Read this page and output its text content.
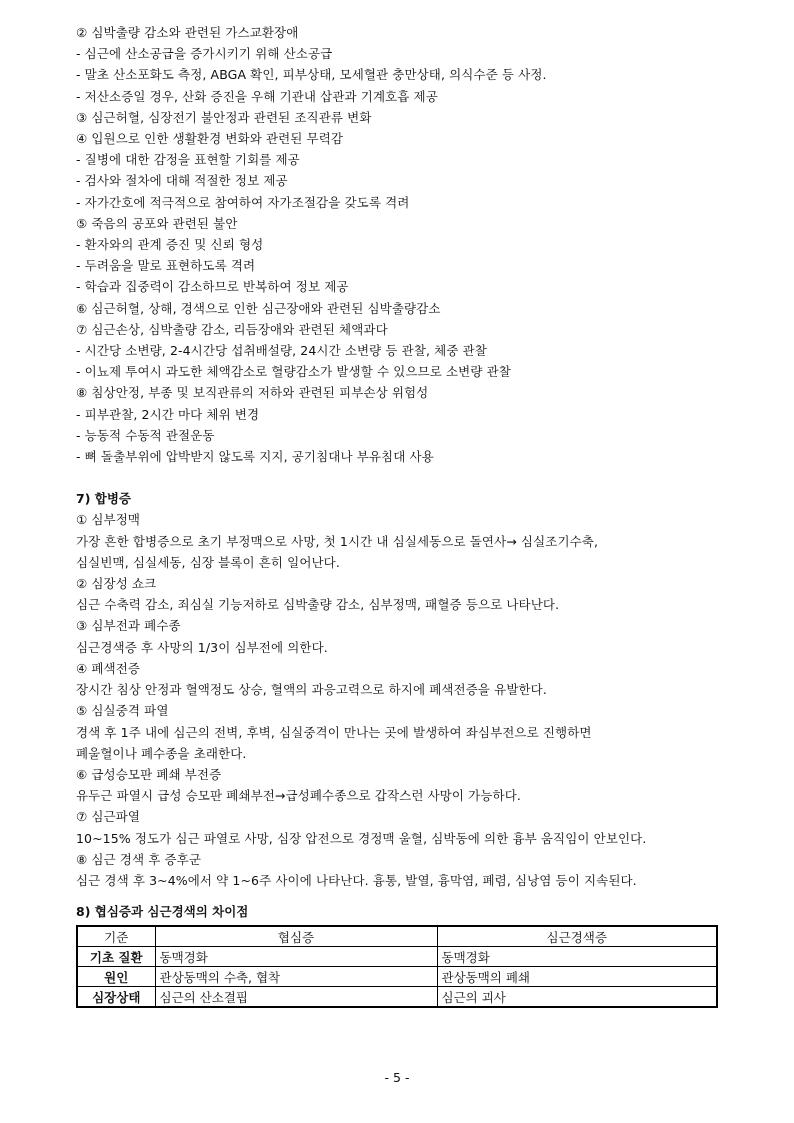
② 심박출량 감소와 관련된 가스교환장애
- 심근에 산소공급을 증가시키기 위해 산소공급
- 말초 산소포화도 측정, ABGA 확인, 피부상태, 모세혈관 충만상태, 의식수준 등 사정.
- 저산소증일 경우, 산화 증진을 우해 기관내 삽관과 기계호흡 제공
③ 심근허혈, 심장전기 불안정과 관련된 조직관류 변화
④ 입원으로 인한 생활환경 변화와 관련된 무력감
- 질병에 대한 감정을 표현할 기회를 제공
- 검사와 절차에 대해 적절한 정보 제공
- 자가간호에 적극적으로 참여하여 자가조절감을 갖도록 격려
⑤ 죽음의 공포와 관련된 불안
- 환자와의 관계 증진 및 신뢰 형성
- 두려움을 말로 표현하도록 격려
- 학습과 집중력이 감소하므로 반복하여 정보 제공
⑥ 심근허혈, 상해, 경색으로 인한 심근장애와 관련된 심박출량감소
⑦ 심근손상, 심박출량 감소, 리듬장애와 관련된 체액과다
- 시간당 소변량, 2-4시간당 섭취배설량, 24시간 소변량 등 관찰, 체중 관찰
- 이뇨제 투여시 과도한 체액감소로 혈량감소가 발생할 수 있으므로 소변량 관찰
⑧ 침상안정, 부종 및 보직관류의 저하와 관련된 피부손상 위험성
- 피부관찰, 2시간 마다 체위 변경
- 능동적 수동적 관절운동
- 뼈 돌출부위에 압박받지 않도록 지지, 공기침대나 부유침대 사용
7) 합병증
① 심부정맥
가장 흔한 합병증으로 초기 부정맥으로 사망, 첫 1시간 내 심실세동으로 돌연사→ 심실조기수축,
심실빈맥, 심실세동, 심장 블록이 흔히 일어난다.
② 심장성 쇼크
심근 수축력 감소, 죄심실 기능저하로 심박출량 감소, 심부정맥, 패혈증 등으로 나타난다.
③ 심부전과 폐수종
심근경색증 후 사망의 1/3이 심부전에 의한다.
④ 폐색전증
장시간 침상 안정과 혈액정도 상승, 혈액의 과응고력으로 하지에 폐색전증을 유발한다.
⑤ 심실중격 파열
경색 후 1주 내에 심근의 전벽, 후벽, 심실중격이 만나는 곳에 발생하여 좌심부전으로 진행하면
폐울혈이나 폐수종을 초래한다.
⑥ 급성승모판 폐쇄 부전증
유두근 파열시 급성 승모판 폐쇄부전→급성폐수종으로 갑작스런 사망이 가능하다.
⑦ 심근파열
10~15% 정도가 심근 파열로 사망, 심장 압전으로 경정맥 울혈, 심박동에 의한 흉부 움직임이 안보인다.
⑧ 심근 경색 후 증후군
심근 경색 후 3~4%에서 약 1~6주 사이에 나타난다. 흉통, 발열, 흉막염, 폐렴, 심낭염 등이 지속된다.
8) 협심증과 심근경색의 차이점
기준	협심증	심근경색증
기초 질환	동맥경화	동맥경화
원인	관상동맥의 수축, 협착	관상동맥의 폐쇄
심장상태	심근의 산소결핍	심근의 괴사
- 5 -
